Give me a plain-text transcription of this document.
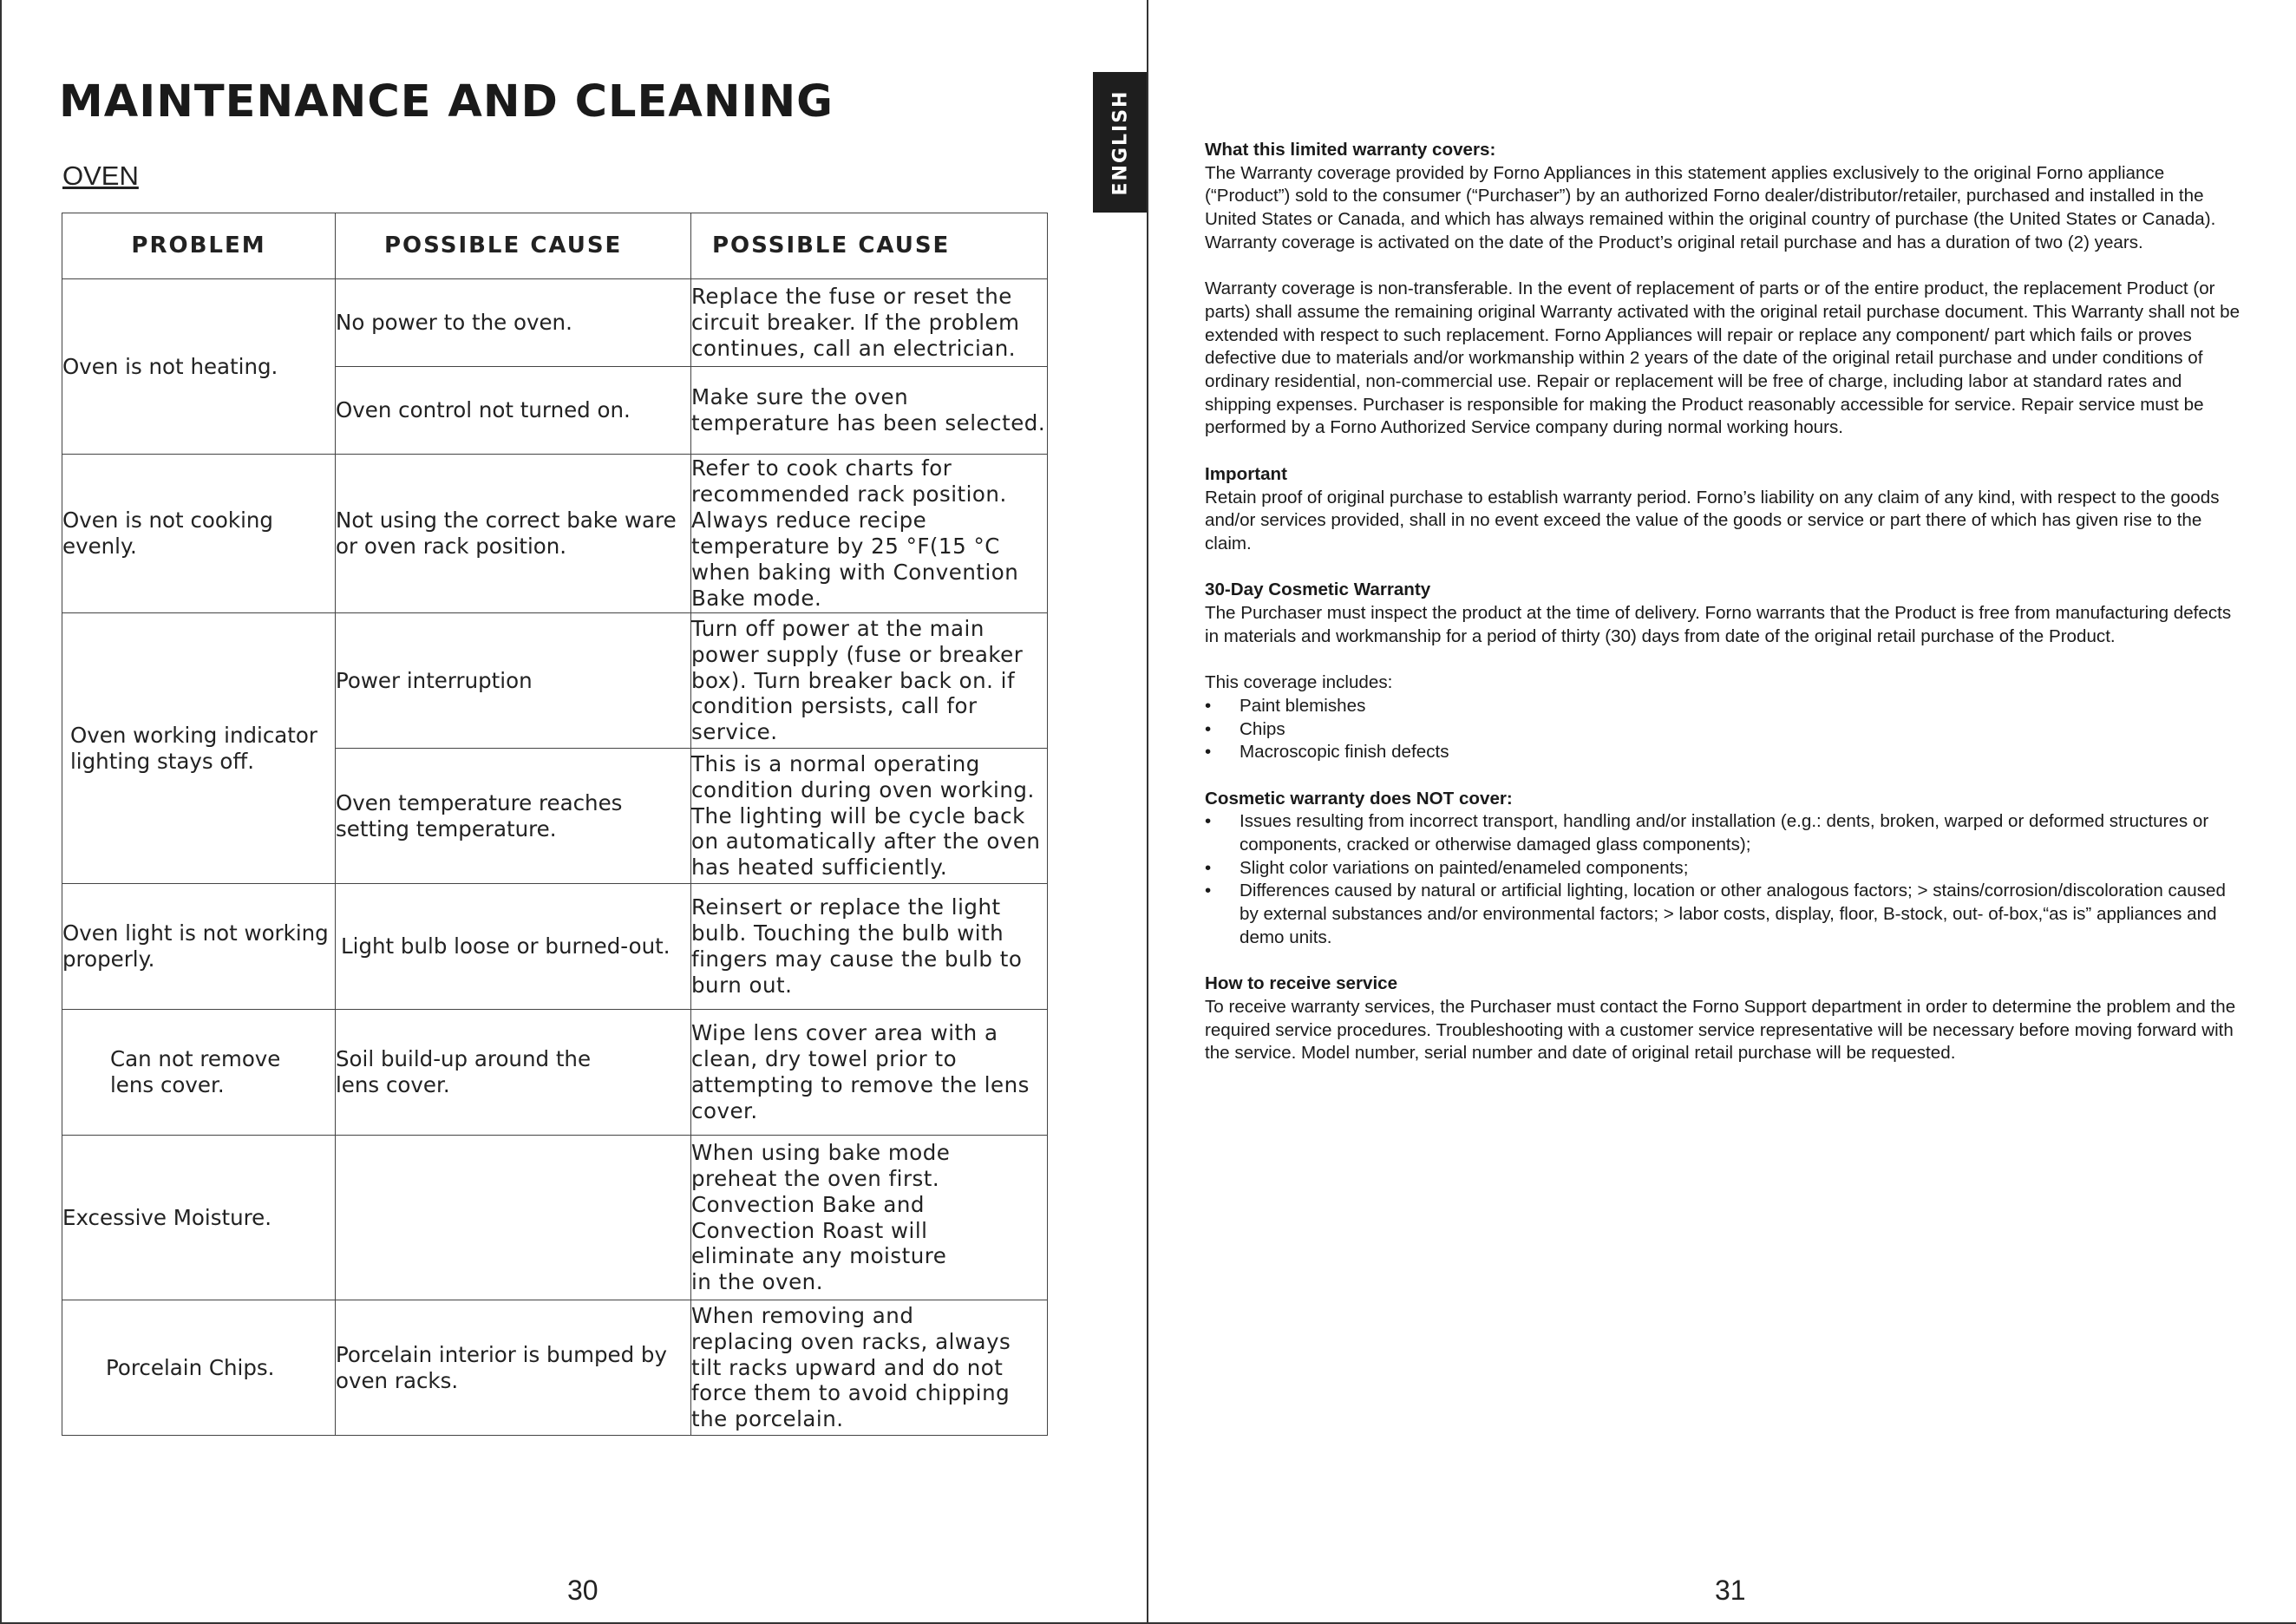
MAINTENANCE AND CLEANING
OVEN
PROBLEM	POSSIBLE CAUSE	POSSIBLE CAUSE
Oven is not heating.	No power to the oven.	Replace the fuse or reset the circuit breaker. If the problem continues, call an electrician.
	Oven control not turned on.	Make sure the oven temperature has been selected.
Oven is not cooking evenly.	Not using the correct bake ware or oven rack position.	Refer to cook charts for recommended rack position. Always reduce recipe temperature by 25 °F(15 °C when baking with Convention Bake mode.
Oven working indicator lighting stays off.	Power interruption	Turn off power at the main power supply (fuse or breaker box). Turn breaker back on. if condition persists, call for service.
	Oven temperature reaches setting temperature.	This is a normal operating condition during oven working. The lighting will be cycle back on automatically after the oven has heated sufficiently.
Oven light is not working properly.	Light bulb loose or burned-out.	Reinsert or replace the light bulb. Touching the bulb with fingers may cause the bulb to burn out.
Can not remove lens cover.	Soil build-up around the lens cover.	Wipe lens cover area with a clean, dry towel prior to attempting to remove the lens cover.
Excessive Moisture.		When using bake mode preheat the oven first. Convection Bake and Convection Roast will eliminate any moisture in the oven.
Porcelain Chips.	Porcelain interior is bumped by oven racks.	When removing and replacing oven racks, always tilt racks upward and do not force them to avoid chipping the porcelain.
30
ENGLISH
31
What this limited warranty covers:

The Warranty coverage provided by Forno Appliances in this statement applies exclusively to the original Forno appliance (“Product”) sold to the consumer (“Purchaser”) by an authorized Forno dealer/distributor/retailer, purchased and installed in the United States or Canada, and which has always remained within the original country of purchase (the United States or Canada). Warranty coverage is activated on the date of the Product’s original retail purchase and has a duration of two (2) years.

Warranty coverage is non-transferable. In the event of replacement of parts or of the entire product, the replacement Product (or parts) shall assume the remaining original Warranty activated with the original retail purchase document. This Warranty shall not be extended with respect to such replacement. Forno Appliances will repair or replace any component/ part which fails or proves defective due to materials and/or workmanship within 2 years of the date of the original retail purchase and under conditions of ordinary residential, non-commercial use. Repair or replacement will be free of charge, including labor at standard rates and shipping expenses. Purchaser is responsible for making the Product reasonably accessible for service. Repair service must be performed by a Forno Authorized Service company during normal working hours.

Important

Retain proof of original purchase to establish warranty period. Forno’s liability on any claim of any kind, with respect to the goods and/or services provided, shall in no event exceed the value of the goods or service or part there of which has given rise to the claim.

30-Day Cosmetic Warranty

The Purchaser must inspect the product at the time of delivery. Forno warrants that the Product is free from manufacturing defects in materials and workmanship for a period of thirty (30) days from date of the original retail purchase of the Product.

This coverage includes:

• Paint blemishes
• Chips
• Macroscopic finish defects
Cosmetic warranty does NOT cover:
• Issues resulting from incorrect transport, handling and/or installation (e.g.: dents, broken, warped or deformed structures or components, cracked or otherwise damaged glass components);
• Slight color variations on painted/enameled components;
• Differences caused by natural or artificial lighting, location or other analogous factors; > stains/corrosion/discoloration caused by external substances and/or environmental factors; > labor costs, display, floor, B-stock, out- of-box,“as is” appliances and demo units.
How to receive service

To receive warranty services, the Purchaser must contact the Forno Support department in order to determine the problem and the required service procedures. Troubleshooting with a customer service representative will be necessary before moving forward with the service. Model number, serial number and date of original retail purchase will be requested.
